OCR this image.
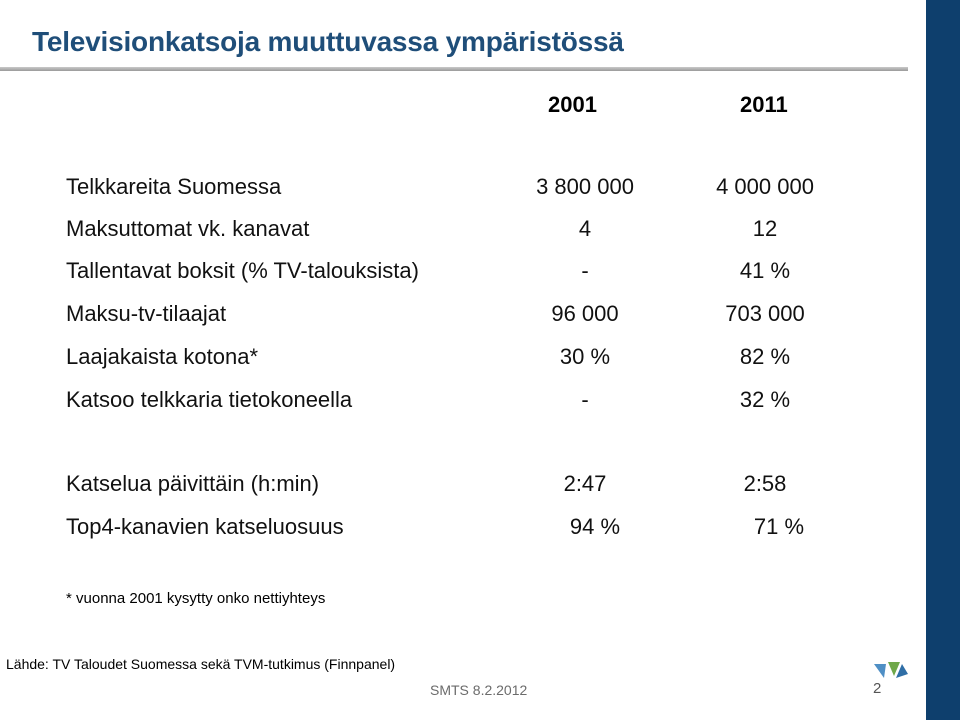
Televisionkatsoja muuttuvassa ympäristössä
2001	2011
Telkkareita Suomessa	3 800 000	4 000 000
Maksuttomat vk. kanavat	4	12
Tallentavat boksit (% TV-talouksista)	-	41 %
Maksu-tv-tilaajat	96 000	703 000
Laajakaista kotona*	30 %	82 %
Katsoo telkkaria tietokoneella	-	32 %
Katselua päivittäin (h:min)	2:47	2:58
Top4-kanavien katseluosuus	94 %	71 %
* vuonna 2001 kysytty onko nettiyhteys
Lähde: TV Taloudet Suomessa sekä TVM-tutkimus (Finnpanel)
SMTS 8.2.2012	2
